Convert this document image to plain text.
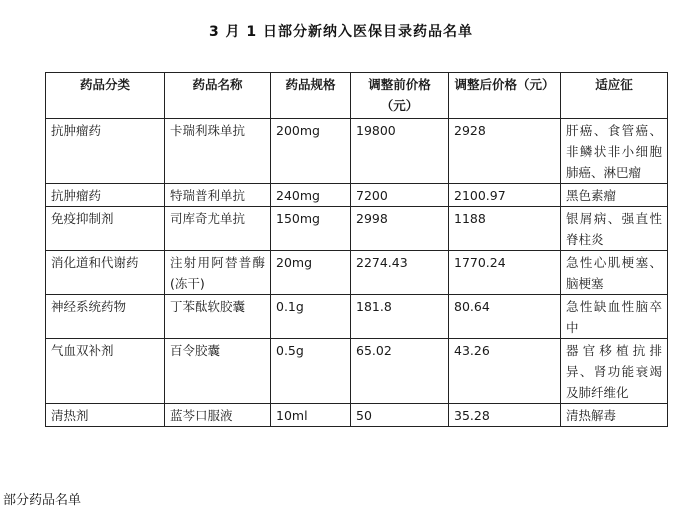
3 月 1 日部分新纳入医保目录药品名单
药品分类	药品名称	药品规格	调整前价格（元）	调整后价格（元）	适应征
抗肿瘤药	卡瑞利珠单抗	200mg	19800	2928	肝癌、食管癌、非鳞状非小细胞肺癌、淋巴瘤
抗肿瘤药	特瑞普利单抗	240mg	7200	2100.97	黑色素瘤
免疫抑制剂	司库奇尤单抗	150mg	2998	1188	银屑病、强直性脊柱炎
消化道和代谢药	注射用阿替普酶(冻干)	20mg	2274.43	1770.24	急性心肌梗塞、脑梗塞
神经系统药物	丁苯酞软胶囊	0.1g	181.8	80.64	急性缺血性脑卒中
气血双补剂	百令胶囊	0.5g	65.02	43.26	器官移植抗排异、肾功能衰竭及肺纤维化
清热剂	蓝芩口服液	10ml	50	35.28	清热解毒
部分药品名单
